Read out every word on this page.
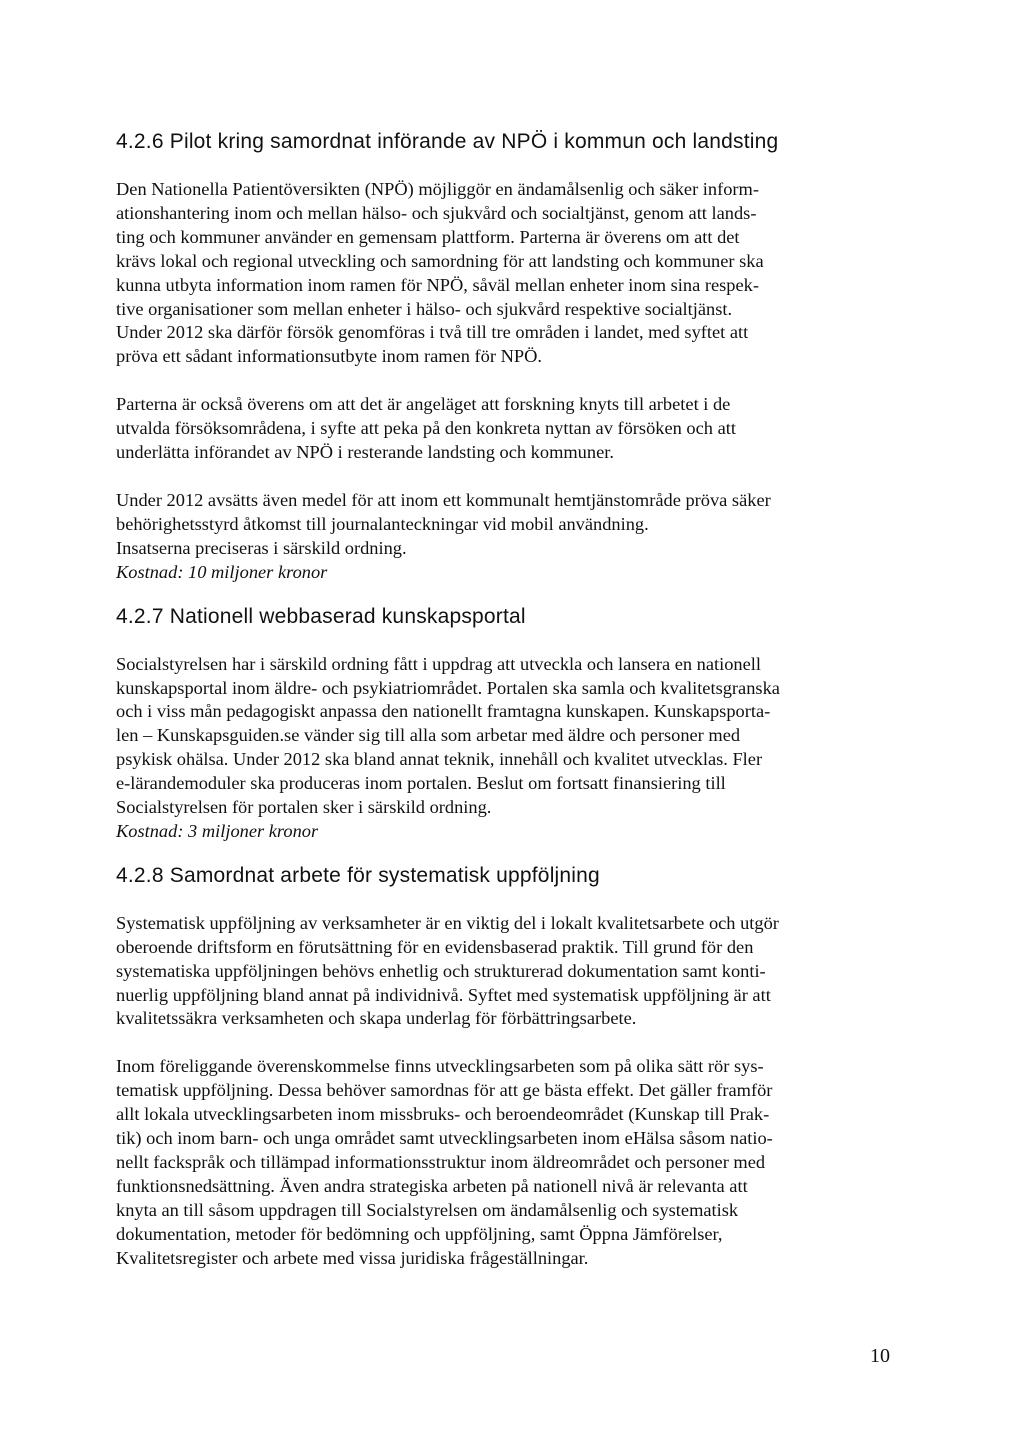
4.2.6 Pilot kring samordnat införande av NPÖ i kommun och landsting

Den Nationella Patientöversikten (NPÖ) möjliggör en ändamålsenlig och säker inform-
ationshantering inom och mellan hälso- och sjukvård och socialtjänst, genom att lands-
ting och kommuner använder en gemensam plattform. Parterna är överens om att det
krävs lokal och regional utveckling och samordning för att landsting och kommuner ska
kunna utbyta information inom ramen för NPÖ, såväl mellan enheter inom sina respek-
tive organisationer som mellan enheter i hälso- och sjukvård respektive socialtjänst.
Under 2012 ska därför försök genomföras i två till tre områden i landet, med syftet att
pröva ett sådant informationsutbyte inom ramen för NPÖ.

Parterna är också överens om att det är angeläget att forskning knyts till arbetet i de
utvalda försöksområdena, i syfte att peka på den konkreta nyttan av försöken och att
underlätta införandet av NPÖ i resterande landsting och kommuner.

Under 2012 avsätts även medel för att inom ett kommunalt hemtjänstområde pröva säker
behörighetsstyrd åtkomst till journalanteckningar vid mobil användning.
Insatserna preciseras i särskild ordning.

Kostnad: 10 miljoner kronor

4.2.7 Nationell webbaserad kunskapsportal

Socialstyrelsen har i särskild ordning fått i uppdrag att utveckla och lansera en nationell
kunskapsportal inom äldre- och psykiatriområdet. Portalen ska samla och kvalitetsgranska
och i viss mån pedagogiskt anpassa den nationellt framtagna kunskapen. Kunskapsporta-
len – Kunskapsguiden.se vänder sig till alla som arbetar med äldre och personer med
psykisk ohälsa. Under 2012 ska bland annat teknik, innehåll och kvalitet utvecklas. Fler
e-lärandemoduler ska produceras inom portalen. Beslut om fortsatt finansiering till
Socialstyrelsen för portalen sker i särskild ordning.

Kostnad: 3 miljoner kronor

4.2.8 Samordnat arbete för systematisk uppföljning

Systematisk uppföljning av verksamheter är en viktig del i lokalt kvalitetsarbete och utgör
oberoende driftsform en förutsättning för en evidensbaserad praktik. Till grund för den
systematiska uppföljningen behövs enhetlig och strukturerad dokumentation samt konti-
nuerlig uppföljning bland annat på individnivå. Syftet med systematisk uppföljning är att
kvalitetssäkra verksamheten och skapa underlag för förbättringsarbete.

Inom föreliggande överenskommelse finns utvecklingsarbeten som på olika sätt rör sys-
tematisk uppföljning. Dessa behöver samordnas för att ge bästa effekt. Det gäller framför
allt lokala utvecklingsarbeten inom missbruks- och beroendeområdet (Kunskap till Prak-
tik) och inom barn- och unga området samt utvecklingsarbeten inom eHälsa såsom natio-
nellt fackspråk och tillämpad informationsstruktur inom äldreområdet och personer med
funktionsnedsättning. Även andra strategiska arbeten på nationell nivå är relevanta att
knyta an till såsom uppdragen till Socialstyrelsen om ändamålsenlig och systematisk
dokumentation, metoder för bedömning och uppföljning, samt Öppna Jämförelser,
Kvalitetsregister och arbete med vissa juridiska frågeställningar.

10
